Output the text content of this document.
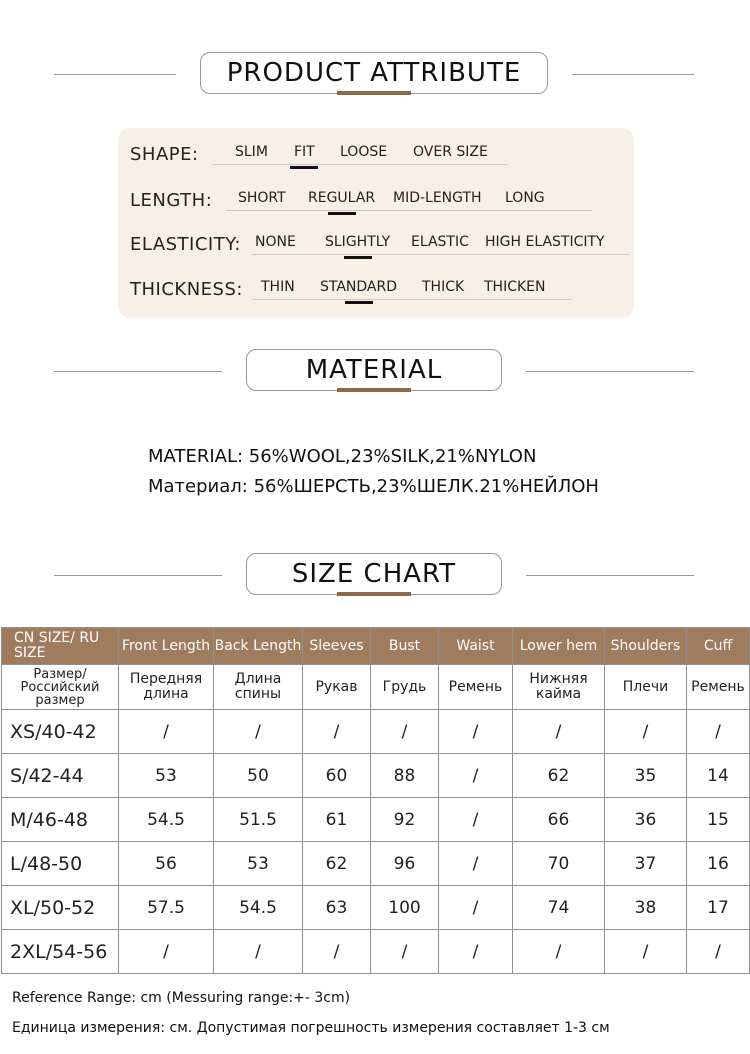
PRODUCT ATTRIBUTE
SHAPE:	SLIM FIT LOOSE OVER SIZE
LENGTH: SHORT REGULAR MID-LENGTH LONG
ELASTICITY: NONE SLIGHTLY ELASTIC HIGH ELASTICITY
THICKNESS: THIN STANDARD THICK THICKEN
MATERIAL
MATERIAL: 56%WOOL,23%SILK,21%NYLON
Материал: 56%ШЕРСТЬ,23%ШЕЛК.21%НЕЙЛОН
SIZE CHART
CN SIZE/ RU SIZE	Front Length	Back Length	Sleeves	Bust	Waist	Lower hem	Shoulders	Cuff
Размер/ Российский размер	Передняя длина	Длина спины	Рукав	Грудь	Ремень	Нижняя кайма	Плечи	Ремень
XS/40-42	/	/	/	/	/	/	/	/
S/42-44	53	50	60	88	/	62	35	14
M/46-48	54.5	51.5	61	92	/	66	36	15
L/48-50	56	53	62	96	/	70	37	16
XL/50-52	57.5	54.5	63	100	/	74	38	17
2XL/54-56	/	/	/	/	/	/	/	/
Reference Range: cm (Messuring range:+- 3cm)
Единица измерения: см. Допустимая погрешность измерения составляет 1-3 см
